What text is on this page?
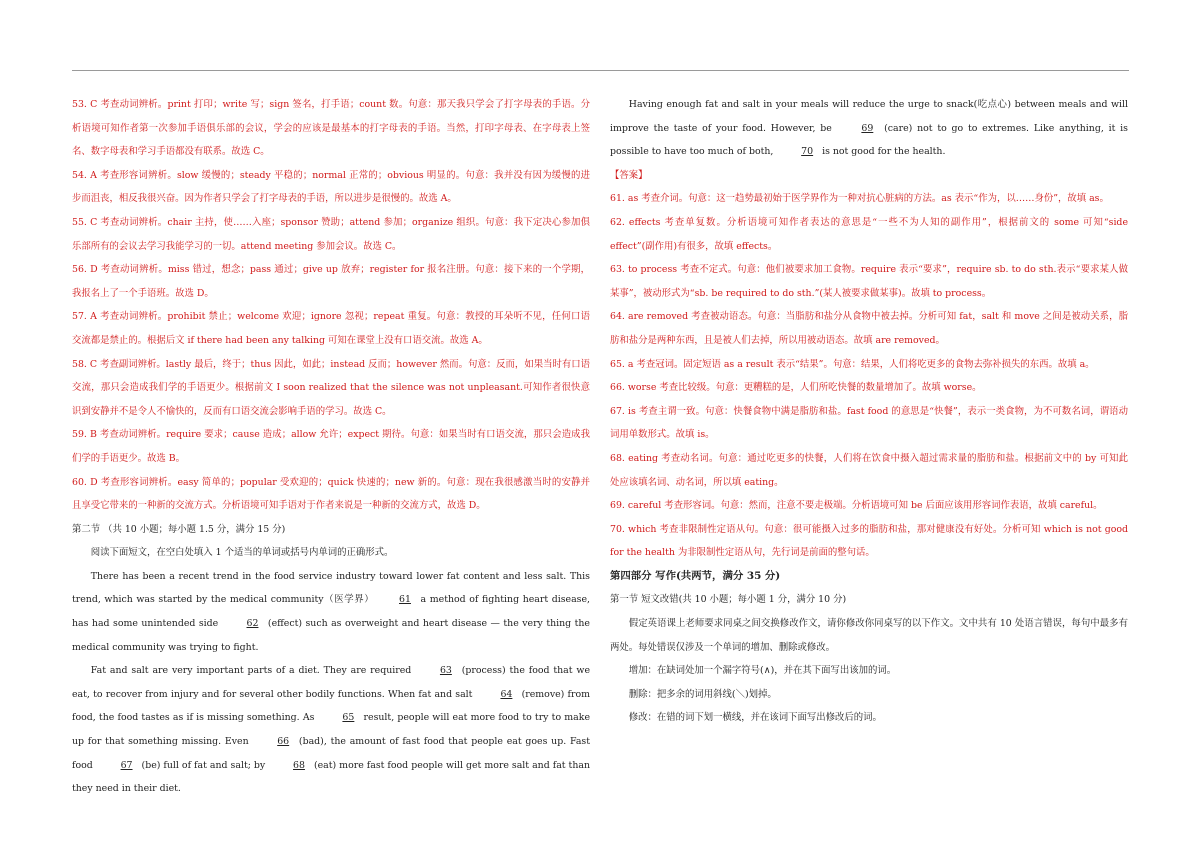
53. C 考查动词辨析。print 打印；write 写；sign 签名，打手语；count 数。句意：那天我只学会了打字母表的手语。分析语境可知作者第一次参加手语俱乐部的会议，学会的应该是最基本的打字母表的手语。当然，打印字母表、在字母表上签名、数字母表和学习手语都没有联系。故选 C。

54. A 考查形容词辨析。slow 缓慢的；steady 平稳的；normal 正常的；obvious 明显的。句意：我并没有因为缓慢的进步而沮丧，相反我很兴奋。因为作者只学会了打字母表的手语，所以进步是很慢的。故选 A。

55. C 考查动词辨析。chair 主持，使……入座；sponsor 赞助；attend 参加；organize 组织。句意：我下定决心参加俱乐部所有的会议去学习我能学习的一切。attend meeting 参加会议。故选 C。

56. D 考查动词辨析。miss 错过，想念；pass 通过；give up 放弃；register for 报名注册。句意：接下来的一个学期，我报名上了一个手语班。故选 D。

57. A 考查动词辨析。prohibit 禁止；welcome 欢迎；ignore 忽视；repeat 重复。句意：教授的耳朵听不见，任何口语交流都是禁止的。根据后文 if there had been any talking 可知在课堂上没有口语交流。故选 A。

58. C 考查副词辨析。lastly 最后，终于；thus 因此，如此；instead 反而；however 然而。句意：反而，如果当时有口语交流，那只会造成我们学的手语更少。根据前文 I soon realized that the silence was not unpleasant.可知作者很快意识到安静并不是令人不愉快的，反而有口语交流会影响手语的学习。故选 C。

59. B 考查动词辨析。require 要求；cause 造成；allow 允许；expect 期待。句意：如果当时有口语交流，那只会造成我们学的手语更少。故选 B。

60. D 考查形容词辨析。easy 简单的；popular 受欢迎的；quick 快速的；new 新的。句意：现在我很感激当时的安静并且享受它带来的一种新的交流方式。分析语境可知手语对于作者来说是一种新的交流方式，故选 D。

第二节 （共 10 小题；每小题 1.5 分，满分 15 分)

阅读下面短文，在空白处填入 1 个适当的单词或括号内单词的正确形式。

There has been a recent trend in the food service industry toward lower fat content and less salt. This trend, which was started by the medical community（医学界）	61 a method of fighting heart disease, has had some unintended side	62 (effect) such as overweight and heart disease — the very thing the medical community was trying to fight.

Fat and salt are very important parts of a diet. They are required	63 (process) the food that we eat, to recover from injury and for several other bodily functions. When fat and salt	64 (remove) from food, the food tastes as if is missing something. As	65 result, people will eat more food to try to make up for that something missing. Even	66 (bad), the amount of fast food that people eat goes up. Fast food	67 (be) full of fat and salt; by	68 (eat) more fast food people will get more salt and fat than they need in their diet.

Having enough fat and salt in your meals will reduce the urge to snack(吃点心) between meals and will improve the taste of your food. However, be	69 (care) not to go to extremes. Like anything, it is possible to have too much of both,	70 is not good for the health.

【答案】

61. as 考查介词。句意：这一趋势最初始于医学界作为一种对抗心脏病的方法。as 表示“作为，以……身份”，故填 as。

62. effects 考查单复数。分析语境可知作者表达的意思是“一些不为人知的副作用”，根据前文的 some 可知“side effect”(副作用)有很多，故填 effects。

63. to process 考查不定式。句意：他们被要求加工食物。require 表示“要求”，require sb. to do sth.表示“要求某人做某事”，被动形式为“sb. be required to do sth.”(某人被要求做某事)。故填 to process。

64. are removed 考查被动语态。句意：当脂肪和盐分从食物中被去掉。分析可知 fat，salt 和 move 之间是被动关系，脂肪和盐分是两种东西，且是被人们去掉，所以用被动语态。故填 are removed。

65. a 考查冠词。固定短语 as a result 表示“结果”。句意：结果，人们将吃更多的食物去弥补损失的东西。故填 a。

66. worse 考查比较级。句意：更糟糕的是，人们所吃快餐的数量增加了。故填 worse。

67. is 考查主谓一致。句意：快餐食物中满是脂肪和盐。fast food 的意思是“快餐”，表示一类食物，为不可数名词，谓语动词用单数形式。故填 is。

68. eating 考查动名词。句意：通过吃更多的快餐，人们将在饮食中摄入超过需求量的脂肪和盐。根据前文中的 by 可知此处应该填名词、动名词，所以填 eating。

69. careful 考查形容词。句意：然而，注意不要走极端。分析语境可知 be 后面应该用形容词作表语，故填 careful。

70. which 考查非限制性定语从句。句意：很可能摄入过多的脂肪和盐，那对健康没有好处。分析可知 which is not good for the health 为非限制性定语从句，先行词是前面的整句话。

第四部分 写作(共两节，满分 35 分)

第一节 短文改错(共 10 小题；每小题 1 分，满分 10 分)

假定英语课上老师要求同桌之间交换修改作文，请你修改你同桌写的以下作文。文中共有 10 处语言错误，每句中最多有两处。每处错误仅涉及一个单词的增加、删除或修改。

增加：在缺词处加一个漏字符号(∧)，并在其下面写出该加的词。

删除：把多余的词用斜线(＼)划掉。

修改：在错的词下划一横线，并在该词下面写出修改后的词。
